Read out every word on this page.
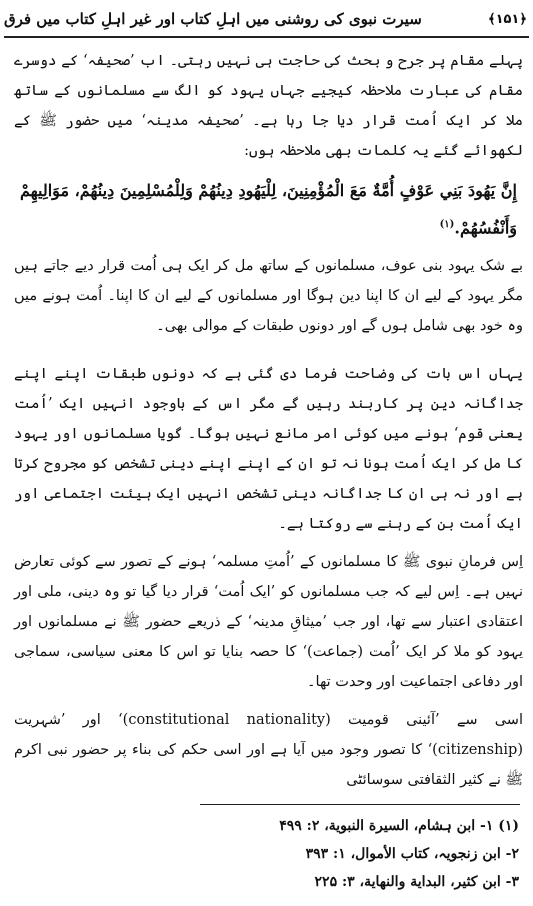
سیرت نبوی کی روشنی میں اہلِ کتاب اور غیر اہلِ کتاب میں فرق	﴿۱۵۱﴾

پہلے مقام پر جرح و بحث کی حاجت ہی نہیں رہتی۔ اب ’صحیفہ‘ کے دوسرے مقام کی عبارت ملاحظہ کیجیے جہاں یہود کو الگ سے مسلمانوں کے ساتھ ملا کر ایک اُمت قرار دیا جا رہا ہے۔ ’صحیفہ مدینہ‘ میں حضور ﷺ کے لکھوائے گئے یہ کلمات بھی ملاحظہ ہوں:

إِنَّ يَهُودَ بَنِي عَوْفٍ أُمَّةٌ مَعَ الْمُؤْمِنِينَ، لِلْيَهُودِ دِينُهُمْ وَلِلْمُسْلِمِينَ دِينُهُمْ، مَوَالِيهِمْ وَأَنْفُسُهُمْ.$^{(١)}$

بے شک یہود بنی عوف، مسلمانوں کے ساتھ مل کر ایک ہی اُمت قرار دیے جاتے ہیں مگر یہود کے لیے ان کا اپنا دین ہوگا اور مسلمانوں کے لیے ان کا اپنا۔ اُمت ہونے میں وہ خود بھی شامل ہوں گے اور دونوں طبقات کے موالی بھی۔

یہاں اس بات کی وضاحت فرما دی گئی ہے کہ دونوں طبقات اپنے اپنے جداگانہ دین پر کاربند رہیں گے مگر اس کے باوجود انہیں ایک ’اُمت یعنی قوم‘ ہونے میں کوئی امر مانع نہیں ہوگا۔ گویا مسلمانوں اور یہود کا مل کر ایک اُمت ہونا نہ تو ان کے اپنے اپنے دینی تشخص کو مجروح کرتا ہے اور نہ ہی ان کا جداگانہ دینی تشخص انہیں ایک ہیئت اجتماعی اور ایک اُمت بن کے رہنے سے روکتا ہے۔

اِس فرمانِ نبوی ﷺ کا مسلمانوں کے ’اُمتِ مسلمہ‘ ہونے کے تصور سے کوئی تعارض نہیں ہے۔ اِس لیے کہ جب مسلمانوں کو ’ایک اُمت‘ قرار دیا گیا تو وہ دینی، ملی اور اعتقادی اعتبار سے تھا، اور جب ’میثاقِ مدینہ‘ کے ذریعے حضور ﷺ نے مسلمانوں اور یہود کو ملا کر ایک ’اُمت (جماعت)‘ کا حصہ بنایا تو اس کا معنی سیاسی، سماجی اور دفاعی اجتماعیت اور وحدت تھا۔

اسی سے ’آئینی قومیت (constitutional nationality)‘ اور ’شہریت (citizenship)‘ کا تصور وجود میں آیا ہے اور اسی حکم کی بناء پر حضور نبی اکرم ﷺ نے کثیر الثقافتی سوسائٹی

(۱) ۱- ابن ہشام، السيرة النبوية، ۲: ۴۹۹
۲- ابن زنجویہ، كتاب الأموال، ۱: ۳۹۳
۳- ابن کثیر، البداية والنهاية، ۳: ۲۲۵
